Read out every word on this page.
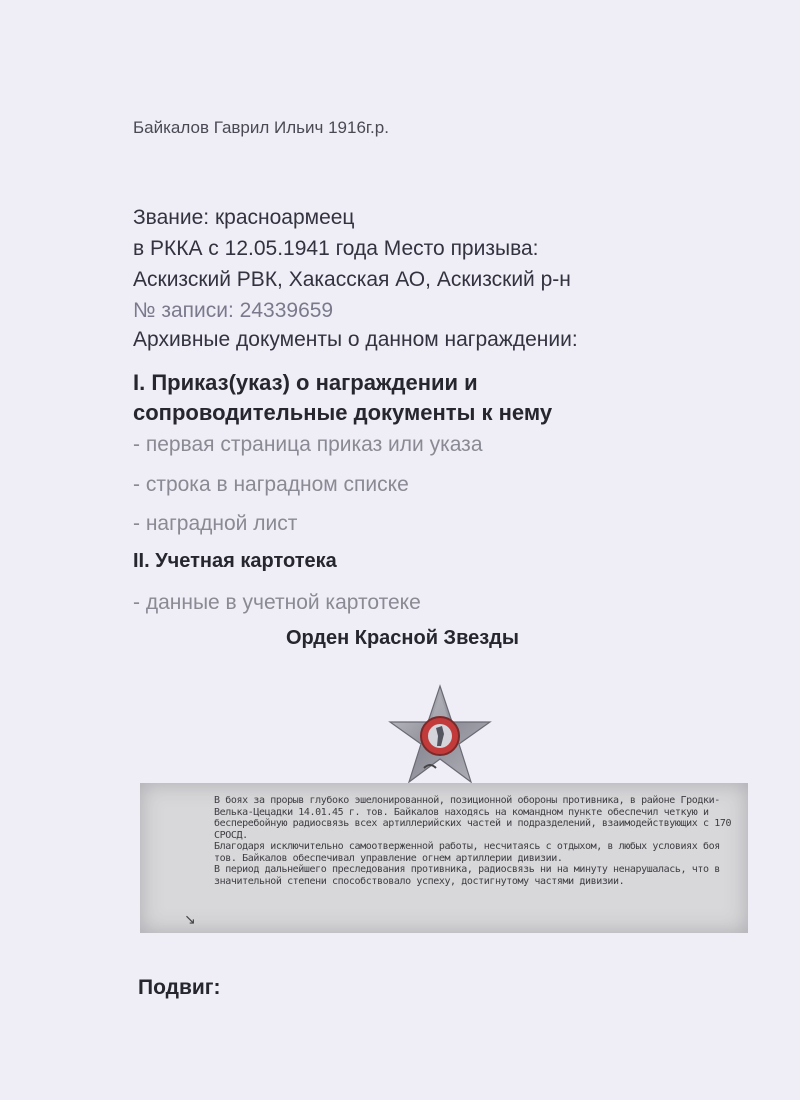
Байкалов Гаврил Ильич 1916г.р.
Звание: красноармеец
в РККА с 12.05.1941 года Место призыва:
Аскизский РВК, Хакасская АО, Аскизский р-н
№ записи: 24339659
Архивные документы о данном награждении:
I. Приказ(указ) о награждении и
сопроводительные документы к нему
- первая страница приказ или указа
- строка в наградном списке
- наградной лист
II. Учетная картотека
- данные в учетной картотеке
Орден Красной Звезды
В боях за прорыв глубоко эшелонированной, позиционной обороны противника, в районе Гродки-Велька-Цецадки 14.01.45 г. тов. Байкалов находясь на командном пункте обеспечил четкую и бесперебойную радиосвязь всех артиллерийских частей и подразделений, взаимодействующих с 170 СРОСД.
Благодаря исключительно самоотверженной работы, несчитаясь с отдыхом, в любых условиях боя тов. Байкалов обеспечивал управление огнем артиллерии дивизии.
В период дальнейшего преследования противника, радиосвязь ни на минуту ненарушалась, что в значительной степени способствовало успеху, достигнутому частями дивизии.
↘
Подвиг:
